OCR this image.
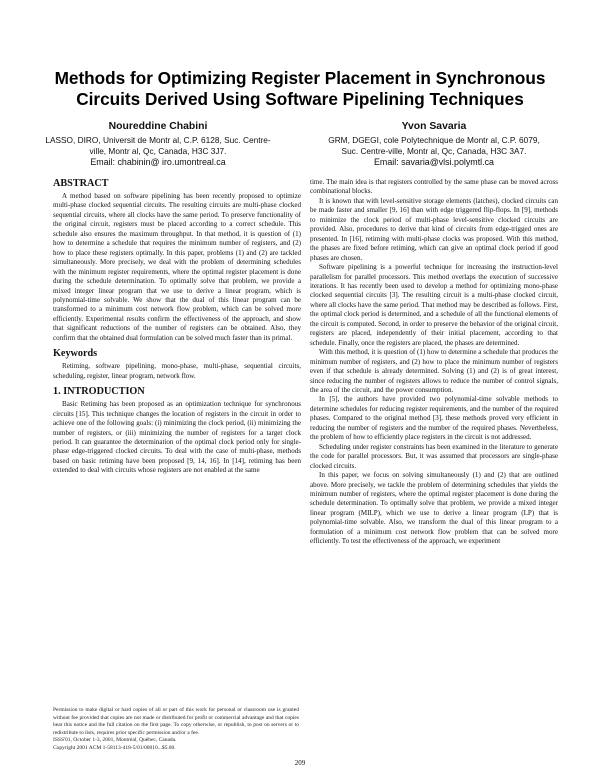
Methods for Optimizing Register Placement in Synchronous
Circuits Derived Using Software Pipelining Techniques
Noureddine Chabini
LASSO, DIRO, Universit de Montr al, C.P. 6128, Suc. Centre-
ville, Montr al, Qc, Canada, H3C 3J7.
Email: chabinin@ iro.umontreal.ca
Yvon Savaria
GRM, DGEGI, cole Polytechnique de Montr al, C.P. 6079,
Suc. Centre-ville, Montr al, Qc, Canada, H3C 3A7.
Email: savaria@vlsi.polymtl.ca
ABSTRACT

A method based on software pipelining has been recently proposed to optimize multi-phase clocked sequential circuits. The resulting circuits are multi-phase clocked sequential circuits, where all clocks have the same period. To preserve functionality of the original circuit, registers must be placed according to a correct schedule. This schedule also ensures the maximum throughput. In that method, it is question of (1) how to determine a schedule that requires the minimum number of registers, and (2) how to place these registers optimally. In this paper, problems (1) and (2) are tackled simultaneously. More precisely, we deal with the problem of determining schedules with the minimum register requirements, where the optimal register placement is done during the schedule determination. To optimally solve that problem, we provide a mixed integer linear program that we use to derive a linear program, which is polynomial-time solvable. We show that the dual of this linear program can be transformed to a minimum cost network flow problem, which can be solved more efficiently. Experimental results confirm the effectiveness of the approach, and show that significant reductions of the number of registers can be obtained. Also, they confirm that the obtained dual formulation can be solved much faster than its primal.

Keywords

Retiming, software pipelining, mono-phase, multi-phase, sequential circuits, scheduling, register, linear program, network flow.

1. INTRODUCTION

Basic Retiming has been proposed as an optimization technique for synchronous circuits [15]. This technique changes the location of registers in the circuit in order to achieve one of the following goals: (i) minimizing the clock period, (ii) minimizing the number of registers, or (iii) minimizing the number of registers for a target clock period. It can guarantee the determination of the optimal clock period only for single-phase edge-triggered clocked circuits. To deal with the case of multi-phase, methods based on basic retiming have been proposed [9, 14, 16]. In [14], retiming has been extended to deal with circuits whose registers are not enabled at the same

Permission to make digital or hard copies of all or part of this work for personal or classroom use is granted without fee provided that copies are not made or distributed for profit or commercial advantage and that copies bear this notice and the full citation on the first page. To copy otherwise, or republish, to post on servers or to redistribute to lists, requires prior specific permission and/or a fee.
ISSS'01, October 1-3, 2001, Montréal, Québec, Canada.
Copyright 2001 ACM 1-58113-418-5/01/00010...$5.00.

time. The main idea is that registers controlled by the same phase can be moved across combinational blocks.

It is known that with level-sensitive storage elements (latches), clocked circuits can be made faster and smaller [9, 16] than with edge triggered flip-flops. In [9], methods to minimize the clock period of multi-phase level-sensitive clocked circuits are provided. Also, procedures to derive that kind of circuits from edge-trigged ones are presented. In [16], retiming with multi-phase clocks was proposed. With this method, the phases are fixed before retiming, which can give an optimal clock period if good phases are chosen.

Software pipelining is a powerful technique for increasing the instruction-level parallelism for parallel processors. This method overlaps the execution of successive iterations. It has recently been used to develop a method for optimizing mono-phase clocked sequential circuits [3]. The resulting circuit is a multi-phase clocked circuit, where all clocks have the same period. That method may be described as follows. First, the optimal clock period is determined, and a schedule of all the functional elements of the circuit is computed. Second, in order to preserve the behavior of the original circuit, registers are placed, independently of their initial placement, according to that schedule. Finally, once the registers are placed, the phases are determined.

With this method, it is question of (1) how to determine a schedule that produces the minimum number of registers, and (2) how to place the minimum number of registers even if that schedule is already determined. Solving (1) and (2) is of great interest, since reducing the number of registers allows to reduce the number of control signals, the area of the circuit, and the power consumption.

In [5], the authors have provided two polynomial-time solvable methods to determine schedules for reducing register requirements, and the number of the required phases. Compared to the original method [3], these methods proved very efficient in reducing the number of registers and the number of the required phases. Nevertheless, the problem of how to efficiently place registers in the circuit is not addressed.

Scheduling under register constraints has been examined in the literature to generate the code for parallel processors. But, it was assumed that processors are single-phase clocked circuits.

In this paper, we focus on solving simultaneously (1) and (2) that are outlined above. More precisely, we tackle the problem of determining schedules that yields the minimum number of registers, where the optimal register placement is done during the schedule determination. To optimally solve that problem, we provide a mixed integer linear program (MILP), which we use to derive a linear program (LP) that is polynomial-time solvable. Also, we transform the dual of this linear program to a formulation of a minimum cost network flow problem that can be solved more efficiently. To test the effectiveness of the approach, we experiment

209
